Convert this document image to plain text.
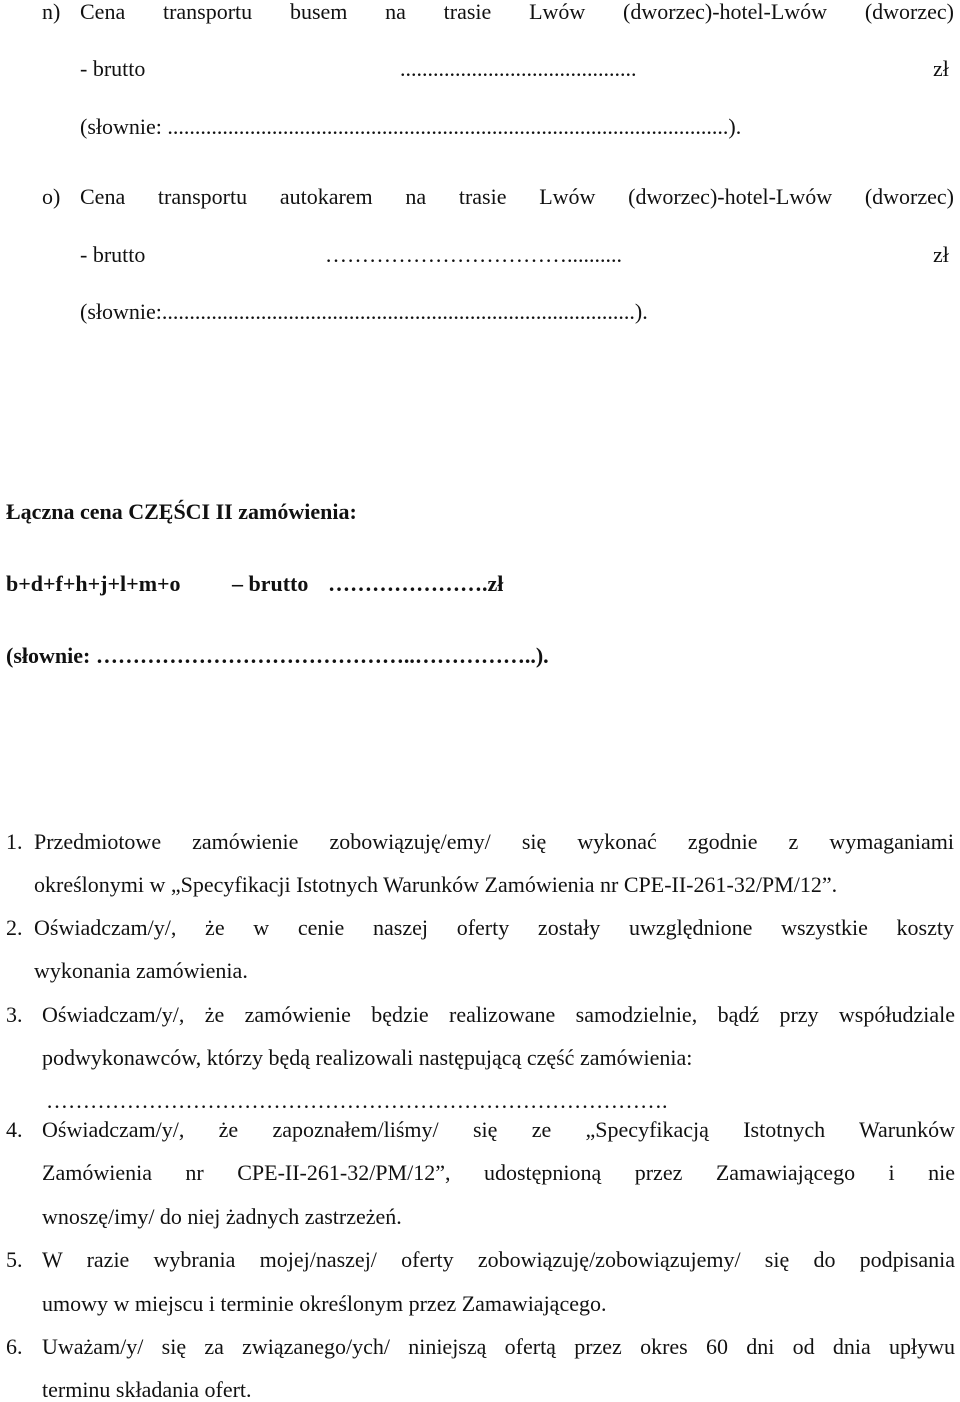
n) Cena transportu busem na trasie Lwów (dworzec)-hotel-Lwów (dworzec)
- brutto	...........................................	zł
(słownie: ......................................................................................................).
o) Cena transportu autokarem na trasie Lwów (dworzec)-hotel-Lwów (dworzec)
- brutto	……………………………..........	zł
(słownie:......................................................................................).
Łączna cena CZĘŚCI II zamówienia:
b+d+f+h+j+l+m+o – brutto ………………….zł
(słownie: ……………………………………..……………..).
1. Przedmiotowe zamówienie zobowiązuję/emy/ się wykonać zgodnie z wymaganiami
określonymi w „Specyfikacji Istotnych Warunków Zamówienia nr CPE-II-261-32/PM/12”.
2. Oświadczam/y/, że w cenie naszej oferty zostały uwzględnione wszystkie koszty
wykonania zamówienia.
3. Oświadczam/y/, że zamówienie będzie realizowane samodzielnie, bądź przy współudziale
podwykonawców, którzy będą realizowali następującą część zamówienia:
………………………………………………………………………….
4. Oświadczam/y/, że zapoznałem/liśmy/ się ze „Specyfikacją Istotnych Warunków
Zamówienia nr CPE-II-261-32/PM/12”, udostępnioną przez Zamawiającego i nie
wnoszę/imy/ do niej żadnych zastrzeżeń.
5. W razie wybrania mojej/naszej/ oferty zobowiązuję/zobowiązujemy/ się do podpisania
umowy w miejscu i terminie określonym przez Zamawiającego.
6. Uważam/y/ się za związanego/ych/ niniejszą ofertą przez okres 60 dni od dnia upływu
terminu składania ofert.
